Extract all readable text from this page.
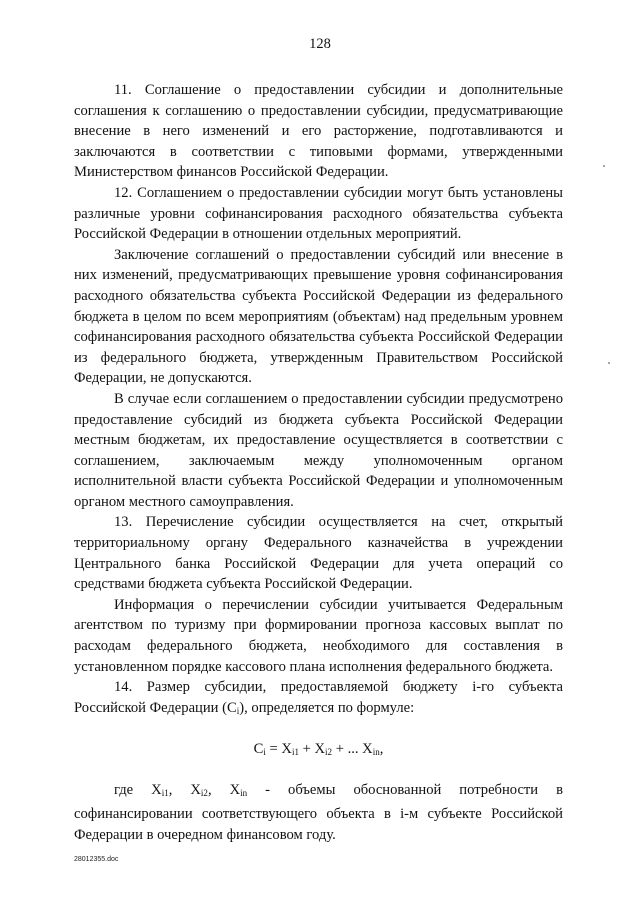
128

11. Соглашение о предоставлении субсидии и дополнительные соглашения к соглашению о предоставлении субсидии, предусматривающие внесение в него изменений и его расторжение, подготавливаются и заключаются в соответствии с типовыми формами, утвержденными Министерством финансов Российской Федерации.

12. Соглашением о предоставлении субсидии могут быть установлены различные уровни софинансирования расходного обязательства субъекта Российской Федерации в отношении отдельных мероприятий.

Заключение соглашений о предоставлении субсидий или внесение в них изменений, предусматривающих превышение уровня софинансирования расходного обязательства субъекта Российской Федерации из федерального бюджета в целом по всем мероприятиям (объектам) над предельным уровнем софинансирования расходного обязательства субъекта Российской Федерации из федерального бюджета, утвержденным Правительством Российской Федерации, не допускаются.

В случае если соглашением о предоставлении субсидии предусмотрено предоставление субсидий из бюджета субъекта Российской Федерации местным бюджетам, их предоставление осуществляется в соответствии с соглашением, заключаемым между уполномоченным органом исполнительной власти субъекта Российской Федерации и уполномоченным органом местного самоуправления.

13. Перечисление субсидии осуществляется на счет, открытый территориальному органу Федерального казначейства в учреждении Центрального банка Российской Федерации для учета операций со средствами бюджета субъекта Российской Федерации.

Информация о перечислении субсидии учитывается Федеральным агентством по туризму при формировании прогноза кассовых выплат по расходам федерального бюджета, необходимого для составления в установленном порядке кассового плана исполнения федерального бюджета.

14. Размер субсидии, предоставляемой бюджету i-го субъекта Российской Федерации $(C_i)$, определяется по формуле:

$C_i = X_{i1} + X_{i2}$ + ... $X_{in}$,

где $X_{i1}$, $X_{i2}$, $X_{in}$ - объемы обоснованной потребности в софинансировании соответствующего объекта в i-м субъекте Российской Федерации в очередном финансовом году.

28012355.doc
